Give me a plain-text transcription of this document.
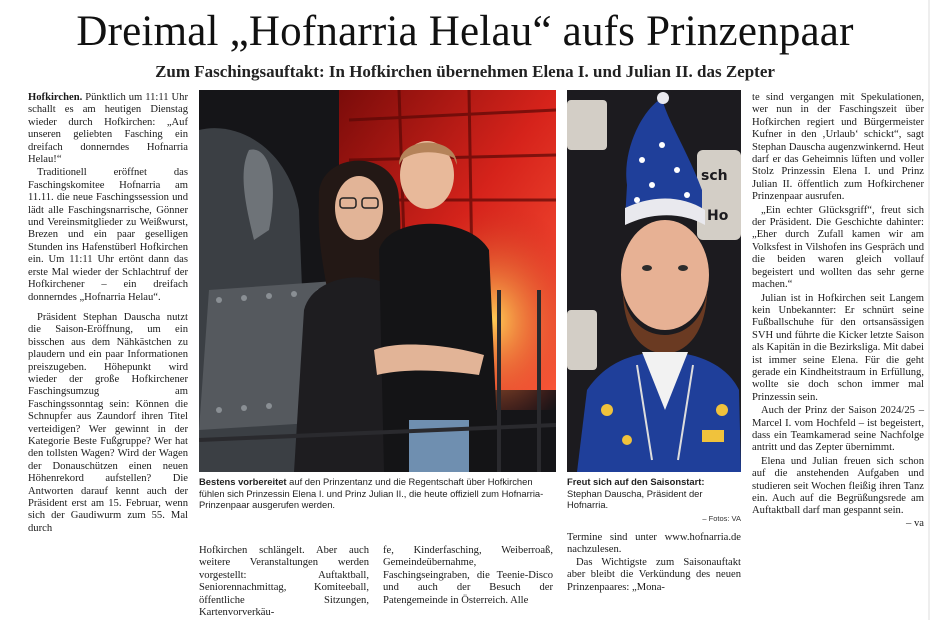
Dreimal „Hofnarria Helau“ aufs Prinzenpaar
Zum Faschingsauftakt: In Hofkirchen übernehmen Elena I. und Julian II. das Zepter

Hofkirchen. Pünktlich um 11:11 Uhr schallt es am heutigen Dienstag wieder durch Hofkirchen: „Auf unseren geliebten Fasching ein dreifach donnerndes Hofnarria Helau!“

Traditionell eröffnet das Faschingskomitee Hofnarria am 11.11. die neue Faschingssession und lädt alle Faschingsnarrische, Gönner und Vereinsmitglieder zu Weißwurst, Brezen und ein paar geselligen Stunden ins Hafenstüberl Hofkirchen ein. Um 11:11 Uhr ertönt dann das erste Mal wieder der Schlachtruf der Hofkirchener – ein dreifach donnerndes „Hofnarria Helau“.

Präsident Stephan Dauscha nutzt die Saison-Eröffnung, um ein bisschen aus dem Nähkästchen zu plaudern und ein paar Informationen preiszugeben. Höhepunkt wird wieder der große Hofkirchener Faschingsumzug am Faschingssonntag sein: Können die Schnupfer aus Zaundorf ihren Titel verteidigen? Wer gewinnt in der Kategorie Beste Fußgruppe? Wer hat den tollsten Wagen? Wird der Wagen der Donauschützen einen neuen Höhenrekord aufstellen? Die Antworten darauf kennt auch der Präsident erst am 15. Februar, wenn sich der Gaudiwurm zum 55. Mal durch

Bestens vorbereitet auf den Prinzentanz und die Regentschaft über Hofkirchen fühlen sich Prinzessin Elena I. und Prinz Julian II., die heute offiziell zum Hofnarria-Prinzenpaar ausgerufen werden.
sch
Ho
Freut sich auf den Saisonstart: Stephan Dauscha, Präsident der Hofnarria.
– Fotos: VA

Hofkirchen schlängelt. Aber auch weitere Veranstaltungen werden vorgestellt: Auftaktball, Seniorennachmittag, Komiteeball, öffentliche Sitzungen, Kartenvorverkäu-

fe, Kinderfasching, Weiberroaß, Gemeindeübernahme, Faschingseingraben, die Teenie-Disco und auch der Besuch der Patengemeinde in Österreich. Alle

Termine sind unter www.hofnarria.de nachzulesen.

Das Wichtigste zum Saisonauftakt aber bleibt die Verkündung des neuen Prinzenpaares: „Mona-

te sind vergangen mit Spekulationen, wer nun in der Faschingszeit über Hofkirchen regiert und Bürgermeister Kufner in den ‚Urlaub‘ schickt“, sagt Stephan Dauscha augenzwinkernd. Heut darf er das Geheimnis lüften und voller Stolz Prinzessin Elena I. und Prinz Julian II. öffentlich zum Hofkirchener Prinzenpaar ausrufen.

„Ein echter Glücksgriff“, freut sich der Präsident. Die Geschichte dahinter: „Eher durch Zufall kamen wir am Volksfest in Vilshofen ins Gespräch und die beiden waren gleich vollauf begeistert und wollten das sehr gerne machen.“

Julian ist in Hofkirchen seit Langem kein Unbekannter: Er schnürt seine Fußballschuhe für den ortsansässigen SVH und führte die Kicker letzte Saison als Kapitän in die Bezirksliga. Mit dabei ist immer seine Elena. Für die geht gerade ein Kindheitstraum in Erfüllung, wollte sie doch schon immer mal Prinzessin sein.

Auch der Prinz der Saison 2024/25 – Marcel I. vom Hochfeld – ist begeistert, dass ein Teamkamerad seine Nachfolge antritt und das Zepter übernimmt.

Elena und Julian freuen sich schon auf die anstehenden Aufgaben und studieren seit Wochen fleißig ihren Tanz ein. Auch auf die Begrüßungsrede am Auftaktball darf man gespannt sein.
– va
